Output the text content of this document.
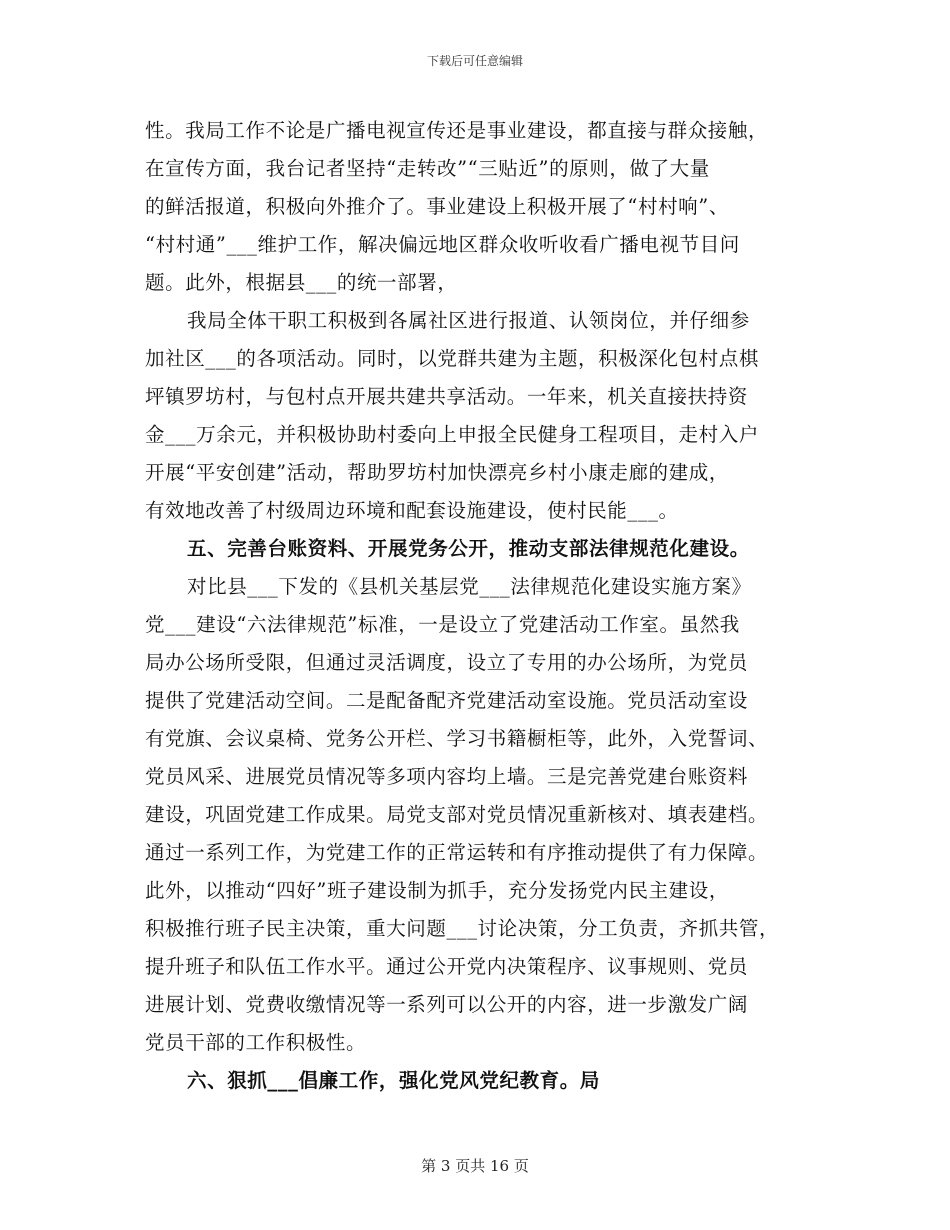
下载后可任意编辑
性。我局工作不论是广播电视宣传还是事业建设，都直接与群众接触，
在宣传方面，我台记者坚持“走转改”“三贴近”的原则，做了大量
的鲜活报道，积极向外推介了。事业建设上积极开展了“村村响”、
“村村通”___维护工作，解决偏远地区群众收听收看广播电视节目问
题。此外，根据县___的统一部署，
我局全体干职工积极到各属社区进行报道、认领岗位，并仔细参
加社区___的各项活动。同时，以党群共建为主题，积极深化包村点棋
坪镇罗坊村，与包村点开展共建共享活动。一年来，机关直接扶持资
金___万余元，并积极协助村委向上申报全民健身工程项目，走村入户
开展“平安创建”活动，帮助罗坊村加快漂亮乡村小康走廊的建成，
有效地改善了村级周边环境和配套设施建设，使村民能___。
五、完善台账资料、开展党务公开，推动支部法律规范化建设。
对比县___下发的《县机关基层党___法律规范化建设实施方案》
党___建设“六法律规范”标准，一是设立了党建活动工作室。虽然我
局办公场所受限，但通过灵活调度，设立了专用的办公场所，为党员
提供了党建活动空间。二是配备配齐党建活动室设施。党员活动室设
有党旗、会议桌椅、党务公开栏、学习书籍橱柜等，此外，入党誓词、
党员风采、进展党员情况等多项内容均上墙。三是完善党建台账资料
建设，巩固党建工作成果。局党支部对党员情况重新核对、填表建档。
通过一系列工作，为党建工作的正常运转和有序推动提供了有力保障。
此外，以推动“四好”班子建设制为抓手，充分发扬党内民主建设，
积极推行班子民主决策，重大问题___讨论决策，分工负责，齐抓共管，
提升班子和队伍工作水平。通过公开党内决策程序、议事规则、党员
进展计划、党费收缴情况等一系列可以公开的内容，进一步激发广阔
党员干部的工作积极性。
六、狠抓___倡廉工作，强化党风党纪教育。局
第 3 页共 16 页
